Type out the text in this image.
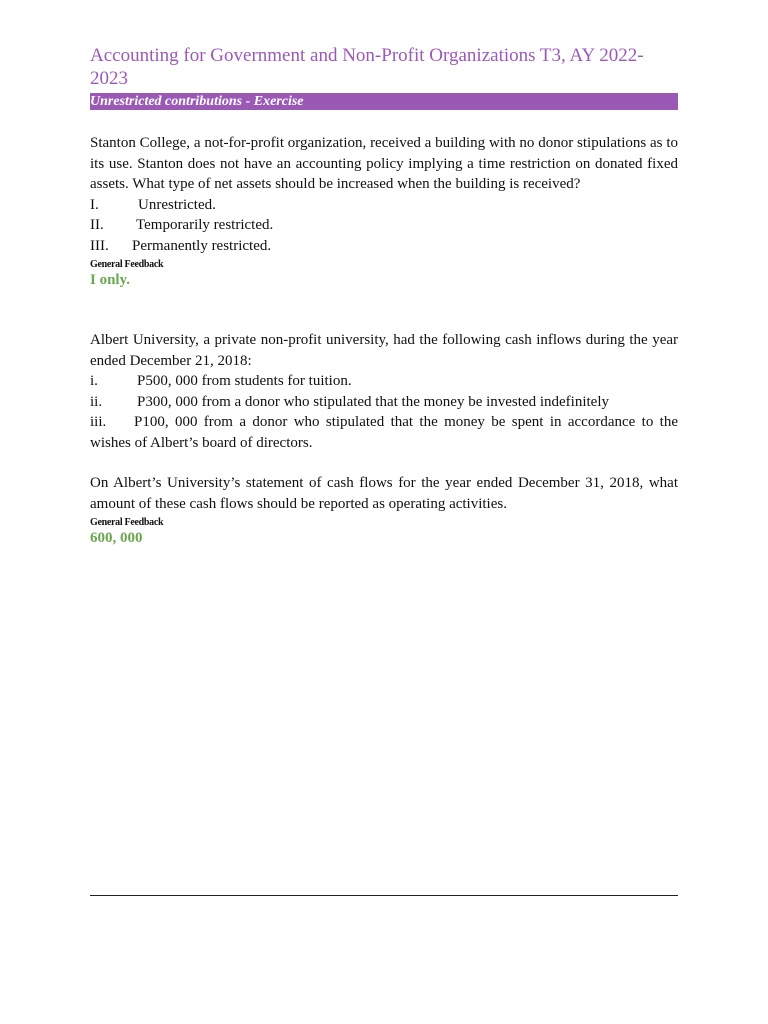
Accounting for Government and Non-Profit Organizations T3, AY 2022-2023
Unrestricted contributions - Exercise

Stanton College, a not-for-profit organization, received a building with no donor stipulations as to its use. Stanton does not have an accounting policy implying a time restriction on donated fixed assets. What type of net assets should be increased when the building is received?

I.	Unrestricted.
II.	Temporarily restricted.
III.	Permanently restricted.
General Feedback
I only.

Albert University, a private non-profit university, had the following cash inflows during the year ended December 21, 2018:

i.	P500, 000 from students for tuition.
ii.	P300, 000 from a donor who stipulated that the money be invested indefinitely

iii. P100, 000 from a donor who stipulated that the money be spent in accordance to the wishes of Albert’s board of directors.

On Albert’s University’s statement of cash flows for the year ended December 31, 2018, what amount of these cash flows should be reported as operating activities.

General Feedback
600, 000
